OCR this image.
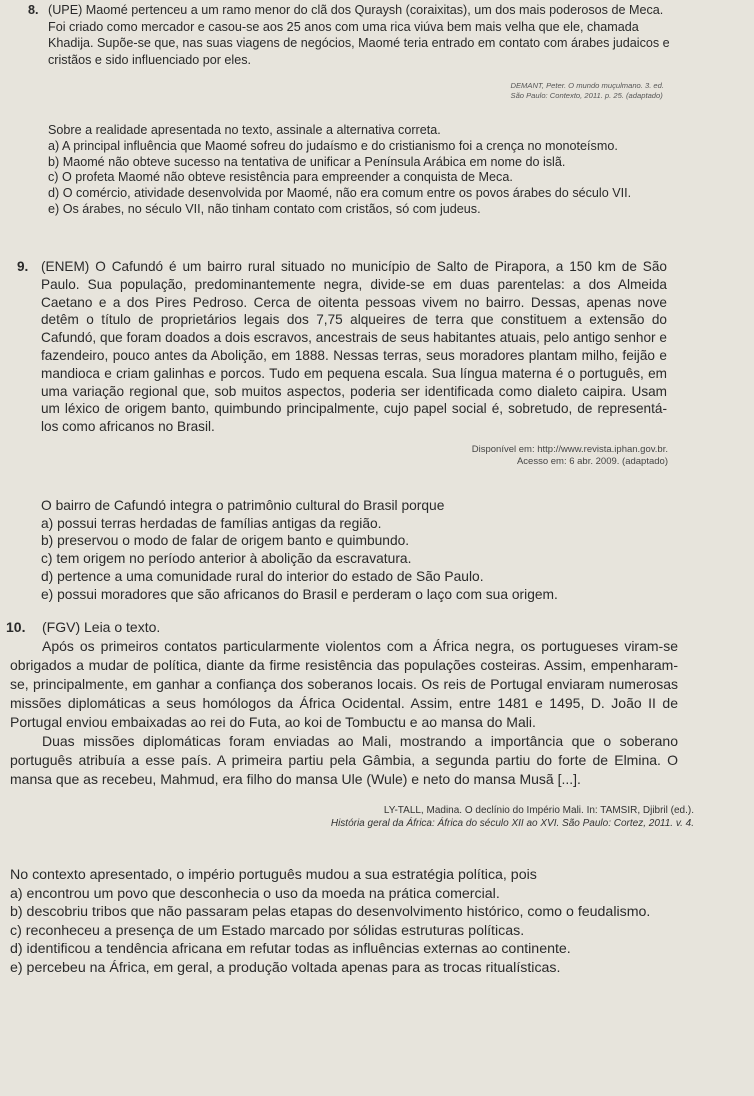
8. (UPE) Maomé pertenceu a um ramo menor do clã dos Quraysh (coraixitas), um dos mais poderosos de Meca. Foi criado como mercador e casou-se aos 25 anos com uma rica viúva bem mais velha que ele, chamada Khadija. Supõe-se que, nas suas viagens de negócios, Maomé teria entrado em contato com árabes judaicos e cristãos e sido influenciado por eles.

DEMANT, Peter. O mundo muçulmano. 3. ed.
São Paulo: Contexto, 2011. p. 25. (adaptado)

Sobre a realidade apresentada no texto, assinale a alternativa correta.

a) A principal influência que Maomé sofreu do judaísmo e do cristianismo foi a crença no monoteísmo.

b) Maomé não obteve sucesso na tentativa de unificar a Península Arábica em nome do islã.

c) O profeta Maomé não obteve resistência para empreender a conquista de Meca.

d) O comércio, atividade desenvolvida por Maomé, não era comum entre os povos árabes do século VII.

e) Os árabes, no século VII, não tinham contato com cristãos, só com judeus.

9. (ENEM) O Cafundó é um bairro rural situado no município de Salto de Pirapora, a 150 km de São Paulo. Sua população, predominantemente negra, divide-se em duas parentelas: a dos Almeida Caetano e a dos Pires Pedroso. Cerca de oitenta pessoas vivem no bairro. Dessas, apenas nove detêm o título de proprietários legais dos 7,75 alqueires de terra que constituem a extensão do Cafundó, que foram doados a dois escravos, ancestrais de seus habitantes atuais, pelo antigo senhor e fazendeiro, pouco antes da Abolição, em 1888. Nessas terras, seus moradores plantam milho, feijão e mandioca e criam galinhas e porcos. Tudo em pequena escala. Sua língua materna é o português, em uma variação regional que, sob muitos aspectos, poderia ser identificada como dialeto caipira. Usam um léxico de origem banto, quimbundo principalmente, cujo papel social é, sobretudo, de representá-los como africanos no Brasil.

Disponível em: http://www.revista.iphan.gov.br.
Acesso em: 6 abr. 2009. (adaptado)

O bairro de Cafundó integra o patrimônio cultural do Brasil porque

a) possui terras herdadas de famílias antigas da região.

b) preservou o modo de falar de origem banto e quimbundo.

c) tem origem no período anterior à abolição da escravatura.

d) pertence a uma comunidade rural do interior do estado de São Paulo.

e) possui moradores que são africanos do Brasil e perderam o laço com sua origem.

10. (FGV) Leia o texto.

Após os primeiros contatos particularmente violentos com a África negra, os portugueses viram-se obrigados a mudar de política, diante da firme resistência das populações costeiras. Assim, empenharam-se, principalmente, em ganhar a confiança dos soberanos locais. Os reis de Portugal enviaram numerosas missões diplomáticas a seus homólogos da África Ocidental. Assim, entre 1481 e 1495, D. João II de Portugal enviou embaixadas ao rei do Futa, ao koi de Tombuctu e ao mansa do Mali.

Duas missões diplomáticas foram enviadas ao Mali, mostrando a importância que o soberano português atribuía a esse país. A primeira partiu pela Gâmbia, a segunda partiu do forte de Elmina. O mansa que as recebeu, Mahmud, era filho do mansa Ule (Wule) e neto do mansa Musã [...].

LY-TALL, Madina. O declínio do Império Mali. In: TAMSIR, Djibril (ed.).
História geral da África: África do século XII ao XVI. São Paulo: Cortez, 2011. v. 4.

No contexto apresentado, o império português mudou a sua estratégia política, pois

a) encontrou um povo que desconhecia o uso da moeda na prática comercial.

b) descobriu tribos que não passaram pelas etapas do desenvolvimento histórico, como o feudalismo.

c) reconheceu a presença de um Estado marcado por sólidas estruturas políticas.

d) identificou a tendência africana em refutar todas as influências externas ao continente.

e) percebeu na África, em geral, a produção voltada apenas para as trocas ritualísticas.
